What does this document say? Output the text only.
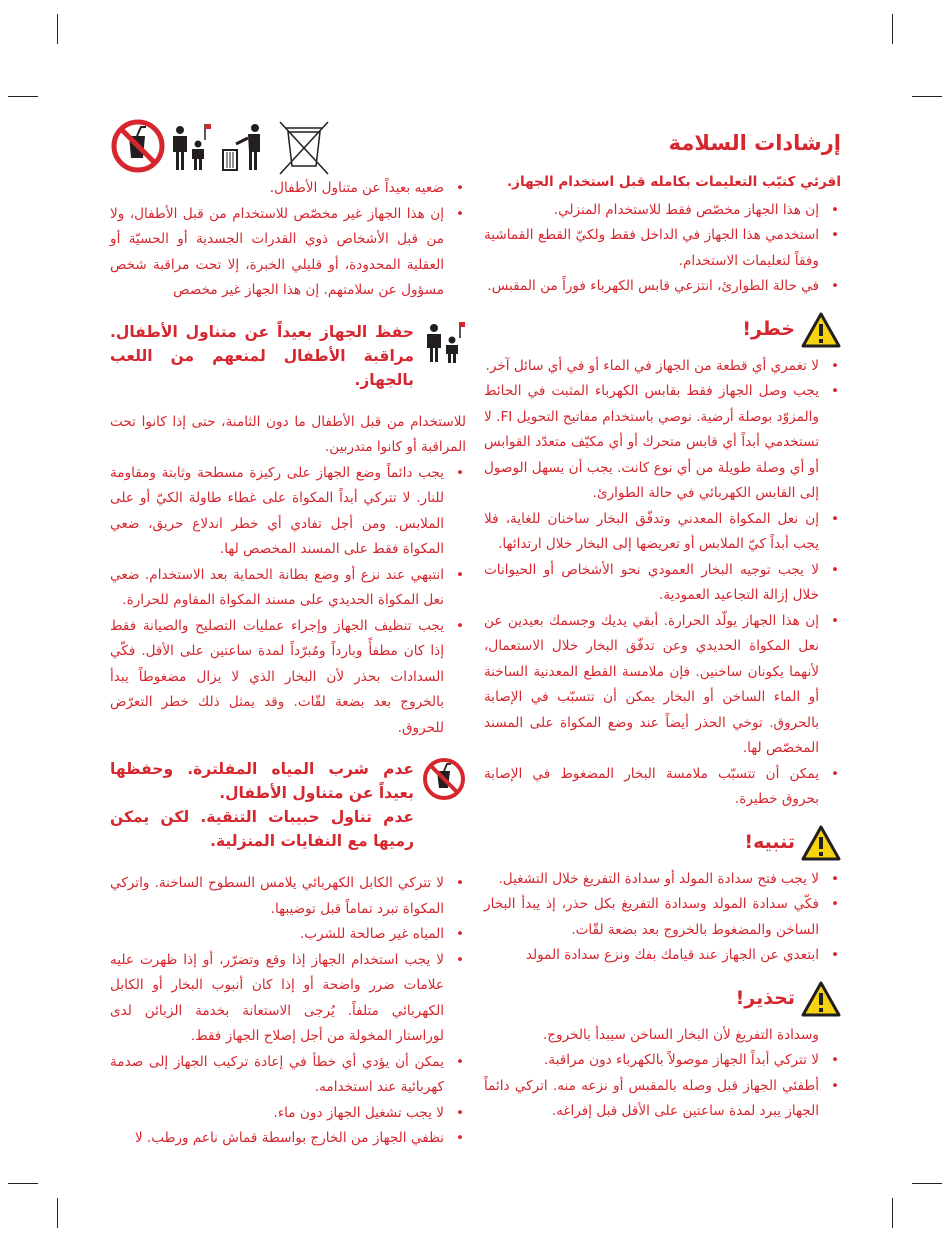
إرشادات السلامة
اقرئي كتيّب التعليمات بكامله قبل استخدام الجهاز.
• إن هذا الجهاز مخصّص فقط للاستخدام المنزلي.
• استخدمي هذا الجهاز في الداخل فقط ولكيّ القطع القماشية وفقاً لتعليمات الاستخدام.
• في حالة الطوارئ، انتزعي قابس الكهرباء فوراً من المقبس.
خطر!
• لا تغمري أي قطعة من الجهاز في الماء أو في أي سائل آخر.
• يجب وصل الجهاز فقط بقابس الكهرباء المثبت في الحائط والمزوّد بوصلة أرضية. نوصي باستخدام مفاتيح التحويل FI. لا تستخدمي أبداً أي قابس متحرك أو أي مكيّف متعدّد القوابس أو أي وصلة طويلة من أي نوع كانت. يجب أن يسهل الوصول إلى القابس الكهربائي في حالة الطوارئ.
• إن نعل المكواة المعدني وتدفّق البخار ساخنان للغاية، فلا يجب أبداً كيّ الملابس أو تعريضها إلى البخار خلال ارتدائها.
• لا يجب توجيه البخار العمودي نحو الأشخاص أو الحيوانات خلال إزالة التجاعيد العمودية.
• إن هذا الجهاز يولّد الحرارة. أبقي يديك وجسمك بعيدين عن نعل المكواة الحديدي وعن تدفّق البخار خلال الاستعمال، لأنهما يكونان ساخنين. فإن ملامسة القطع المعدنية الساخنة أو الماء الساخن أو البخار يمكن أن تتسبّب في الإصابة بالحروق. توخي الحذر أيضاً عند وضع المكواة على المسند المخصّص لها.
• يمكن أن تتسبّب ملامسة البخار المضغوط في الإصابة بحروق خطيرة.
تنبيه!
• لا يجب فتح سدادة المولد أو سدادة التفريغ خلال التشغيل.
• فكّي سدادة المولد وسدادة التفريغ بكل حذر، إذ يبدأ البخار الساخن والمضغوط بالخروج بعد بضعة لقّات.
• ابتعدي عن الجهاز عند قيامك بفك ونزع سدادة المولد
تحذير!
وسدادة التفريغ لأن البخار الساخن سيبدأ بالخروج.
• لا تتركي أبداً الجهاز موصولاً بالكهرباء دون مراقبة.
• أطفئي الجهاز قبل وصله بالمقبس أو نزعه منه. اتركي دائماً الجهاز يبرد لمدة ساعتين على الأقل قبل إفراغه.
• ضعيه بعيداً عن متناول الأطفال.
• إن هذا الجهاز غير مخصّص للاستخدام من قبل الأطفال، ولا من قبل الأشخاص ذوي القدرات الجسدية أو الحسيّة أو العقلية المحدودة، أو قليلي الخبرة، إلا تحت مراقبة شخص مسؤول عن سلامتهم. إن هذا الجهاز غير مخصص
حفظ الجهاز بعيداً عن متناول الأطفال. مراقبة الأطفال لمنعهم من اللعب بالجهاز.
للاستخدام من قبل الأطفال ما دون الثامنة، حتى إذا كانوا تحت المراقبة أو كانوا متدربين.
• يجب دائماً وضع الجهاز على ركيزة مسطحة وثابتة ومقاومة للنار. لا تتركي أبداً المكواة على غطاء طاولة الكيّ أو على الملابس. ومن أجل تفادي أي خطر اندلاع حريق، ضعي المكواة فقط على المسند المخصص لها.
• انتبهي عند نزع أو وضع بطانة الحماية بعد الاستخدام. ضعي نعل المكواة الحديدي على مسند المكواة المقاوم للحرارة.
• يجب تنظيف الجهاز وإجراء عمليات التصليح والصيانة فقط إذا كان مطفأً وبارداً ومُبرّداً لمدة ساعتين على الأقل. فكّي السدادات بحذر لأن البخار الذي لا يزال مضغوطاً يبدأ بالخروج بعد بضعة لقّات. وقد يمثل ذلك خطر التعرّض للحروق.
عدم شرب المياه المفلترة. وحفظها بعيداً عن متناول الأطفال.
عدم تناول حبيبات التنقية. لكن يمكن رميها مع النفايات المنزلية.
• لا تتركي الكابل الكهربائي يلامس السطوح الساخنة. واتركي المكواة تبرد تماماً قبل توضيبها.
• المياه غير صالحة للشرب.
• لا يجب استخدام الجهاز إذا وقع وتضرّر، أو إذا ظهرت عليه علامات ضرر واضحة أو إذا كان أنبوب البخار أو الكابل الكهربائي متلفاً. يُرجى الاستعانة بخدمة الزبائن لدى لوراستار المخولة من أجل إصلاح الجهاز فقط.
• يمكن أن يؤدي أي خطأ في إعادة تركيب الجهاز إلى صدمة كهربائية عند استخدامه.
• لا يجب تشغيل الجهاز دون ماء.
• نظفي الجهاز من الخارج بواسطة قماش ناعم ورطب. لا
